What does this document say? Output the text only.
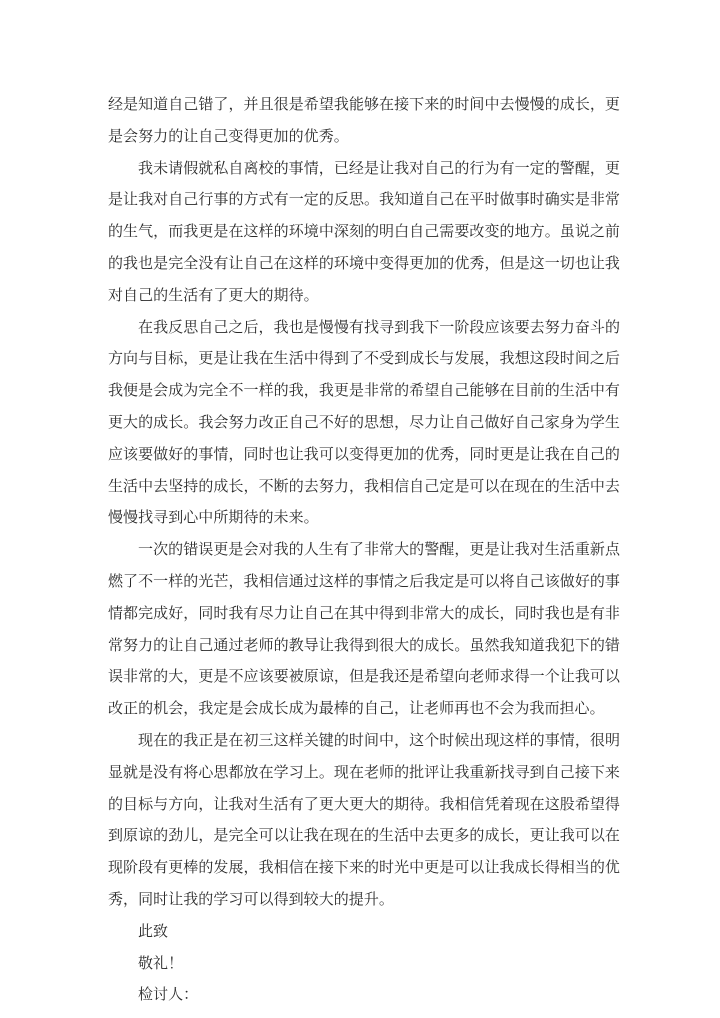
经是知道自己错了，并且很是希望我能够在接下来的时间中去慢慢的成长，更是会努力的让自己变得更加的优秀。

我未请假就私自离校的事情，已经是让我对自己的行为有一定的警醒，更是让我对自己行事的方式有一定的反思。我知道自己在平时做事时确实是非常的生气，而我更是在这样的环境中深刻的明白自己需要改变的地方。虽说之前的我也是完全没有让自己在这样的环境中变得更加的优秀，但是这一切也让我对自己的生活有了更大的期待。

在我反思自己之后，我也是慢慢有找寻到我下一阶段应该要去努力奋斗的方向与目标，更是让我在生活中得到了不受到成长与发展，我想这段时间之后我便是会成为完全不一样的我，我更是非常的希望自己能够在目前的生活中有更大的成长。我会努力改正自己不好的思想，尽力让自己做好自己家身为学生应该要做好的事情，同时也让我可以变得更加的优秀，同时更是让我在自己的生活中去坚持的成长，不断的去努力，我相信自己定是可以在现在的生活中去慢慢找寻到心中所期待的未来。

一次的错误更是会对我的人生有了非常大的警醒，更是让我对生活重新点燃了不一样的光芒，我相信通过这样的事情之后我定是可以将自己该做好的事情都完成好，同时我有尽力让自己在其中得到非常大的成长，同时我也是有非常努力的让自己通过老师的教导让我得到很大的成长。虽然我知道我犯下的错误非常的大，更是不应该要被原谅，但是我还是希望向老师求得一个让我可以改正的机会，我定是会成长成为最棒的自己，让老师再也不会为我而担心。

现在的我正是在初三这样关键的时间中，这个时候出现这样的事情，很明显就是没有将心思都放在学习上。现在老师的批评让我重新找寻到自己接下来的目标与方向，让我对生活有了更大更大的期待。我相信凭着现在这股希望得到原谅的劲儿，是完全可以让我在现在的生活中去更多的成长，更让我可以在现阶段有更棒的发展，我相信在接下来的时光中更是可以让我成长得相当的优秀，同时让我的学习可以得到较大的提升。

此致

敬礼！

检讨人：
